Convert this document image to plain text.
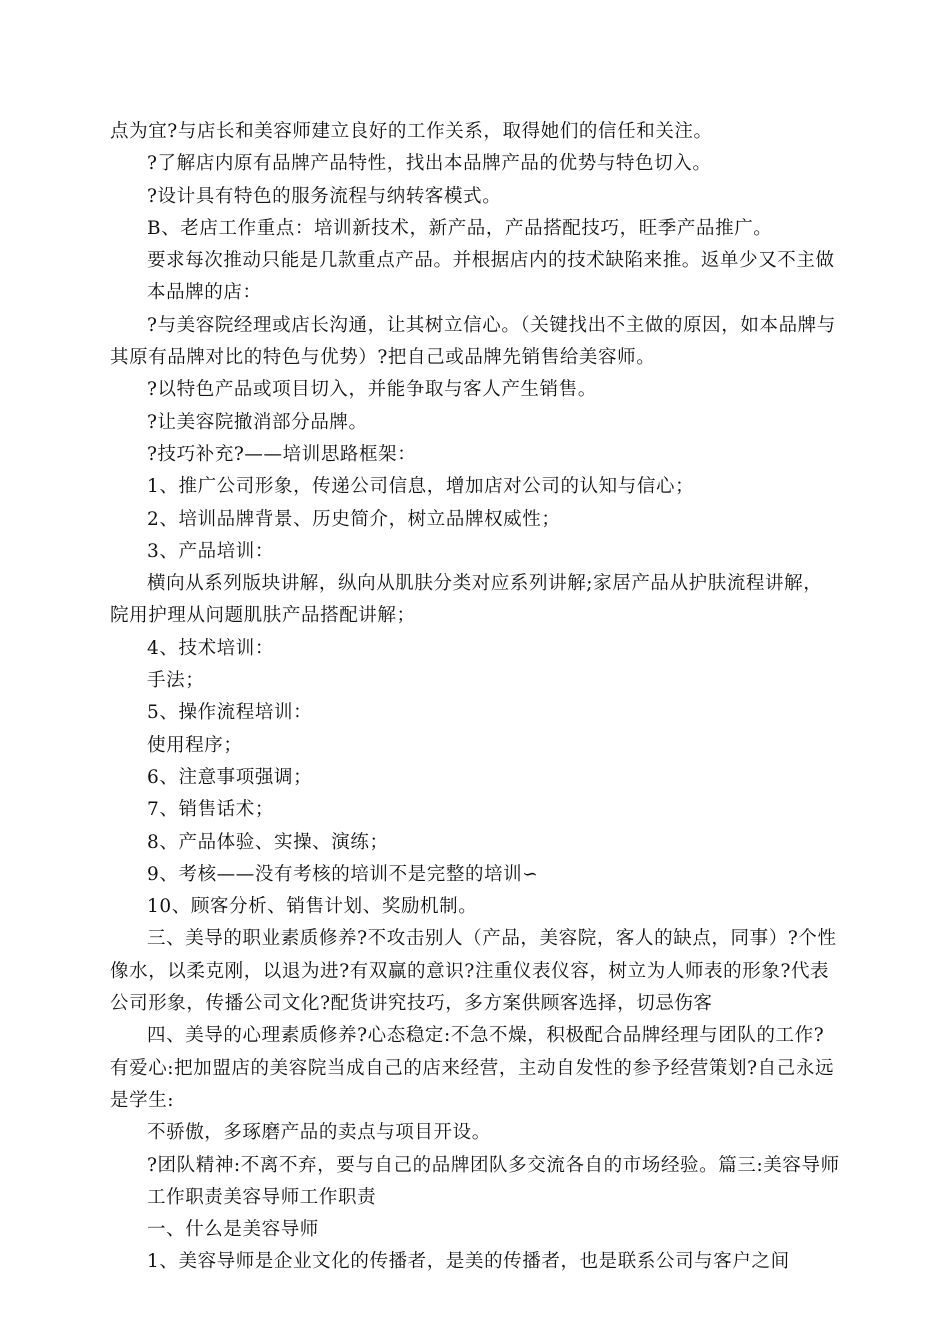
点为宜?与店长和美容师建立良好的工作关系，取得她们的信任和关注。

?了解店内原有品牌产品特性，找出本品牌产品的优势与特色切入。

?设计具有特色的服务流程与纳转客模式。

B、老店工作重点：培训新技术，新产品，产品搭配技巧，旺季产品推广。

要求每次推动只能是几款重点产品。并根据店内的技术缺陷来推。返单少又不主做本品牌的店：

?与美容院经理或店长沟通，让其树立信心。（关键找出不主做的原因，如本品牌与其原有品牌对比的特色与优势）?把自己或品牌先销售给美容师。

?以特色产品或项目切入，并能争取与客人产生销售。

?让美容院撤消部分品牌。

?技巧补充?——培训思路框架：

1、推广公司形象，传递公司信息，增加店对公司的认知与信心；

2、培训品牌背景、历史简介，树立品牌权威性；

3、产品培训：

横向从系列版块讲解，纵向从肌肤分类对应系列讲解;家居产品从护肤流程讲解，院用护理从问题肌肤产品搭配讲解；

4、技术培训：

手法；

5、操作流程培训：

使用程序；

6、注意事项强调；

7、销售话术；

8、产品体验、实操、演练；

9、考核——没有考核的培训不是完整的培训∽

10、顾客分析、销售计划、奖励机制。

三、美导的职业素质修养?不攻击别人（产品，美容院，客人的缺点，同事）?个性像水，以柔克刚，以退为进?有双赢的意识?注重仪表仪容，树立为人师表的形象?代表公司形象，传播公司文化?配货讲究技巧，多方案供顾客选择，切忌伤客

四、美导的心理素质修养?心态稳定:不急不燥，积极配合品牌经理与团队的工作?有爱心:把加盟店的美容院当成自己的店来经营，主动自发性的参予经营策划?自己永远是学生:

不骄傲，多琢磨产品的卖点与项目开设。

?团队精神:不离不弃，要与自己的品牌团队多交流各自的市场经验。篇三:美容导师工作职责美容导师工作职责

一、什么是美容导师

1、美容导师是企业文化的传播者，是美的传播者，也是联系公司与客户之间
